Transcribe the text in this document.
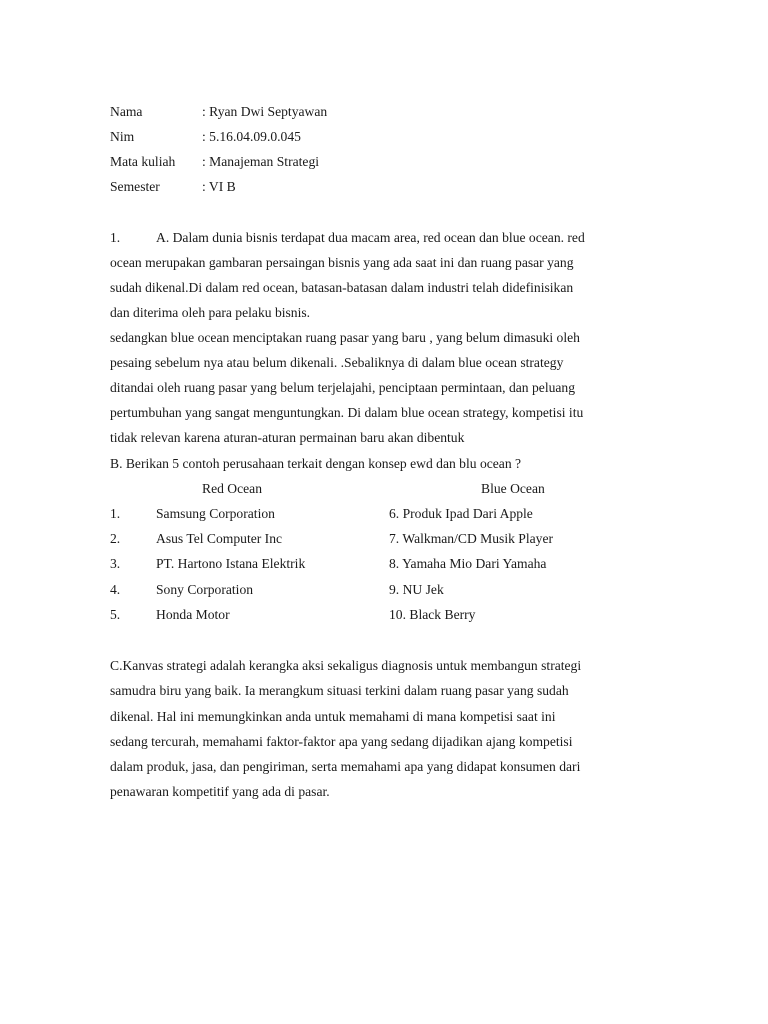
Nama	: Ryan Dwi Septyawan
Nim	: 5.16.04.09.0.045
Mata kuliah : Manajeman Strategi
Semester	: VI B
1.	A. Dalam dunia bisnis terdapat dua macam area, red ocean dan blue ocean. red
ocean merupakan gambaran persaingan bisnis yang ada saat ini dan ruang pasar yang
sudah dikenal.Di dalam red ocean, batasan-batasan dalam industri telah didefinisikan
dan diterima oleh para pelaku bisnis.
sedangkan blue ocean menciptakan ruang pasar yang baru , yang belum dimasuki oleh
pesaing sebelum nya atau belum dikenali. .Sebaliknya di dalam blue ocean strategy
ditandai oleh ruang pasar yang belum terjelajahi, penciptaan permintaan, dan peluang
pertumbuhan yang sangat menguntungkan. Di dalam blue ocean strategy, kompetisi itu
tidak relevan karena aturan-aturan permainan baru akan dibentuk
B. Berikan 5 contoh perusahaan terkait dengan konsep ewd dan blu ocean ?
Red Ocean	Blue Ocean
1.	Samsung Corporation	6. Produk Ipad Dari Apple
2.	Asus Tel Computer Inc	7. Walkman/CD Musik Player
3.	PT. Hartono Istana Elektrik	8. Yamaha Mio Dari Yamaha
4.	Sony Corporation	9. NU Jek
5.	Honda Motor	10. Black Berry
C.Kanvas strategi adalah kerangka aksi sekaligus diagnosis untuk membangun strategi
samudra biru yang baik. Ia merangkum situasi terkini dalam ruang pasar yang sudah
dikenal. Hal ini memungkinkan anda untuk memahami di mana kompetisi saat ini
sedang tercurah, memahami faktor-faktor apa yang sedang dijadikan ajang kompetisi
dalam produk, jasa, dan pengiriman, serta memahami apa yang didapat konsumen dari
penawaran kompetitif yang ada di pasar.
